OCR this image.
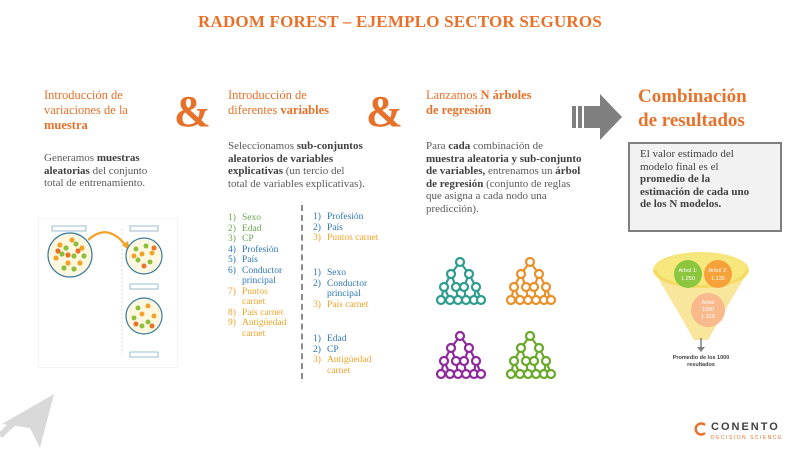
RADOM FOREST – EJEMPLO SECTOR SEGUROS
Introducción de
variaciones de la
muestra	&
Generamos muestras
aleatorias del conjunto
total de entrenamiento.
Introducción de
diferentes variables &
Seleccionamos sub-conjuntos
aleatorios de variables
explicativas (un tercio del
total de variables explicativas).
1) Sexo
2) Edad
3) CP
4) Profesión
5) País
6) Conductor
principal
7) Puntos
carnet
8) País carnet
9) Antigüedad
carnet
1) Profesión
2) País
3) Puntos carnet
1) Sexo
2) Conductor
principal
3) País carnet
1) Edad
2) CP
3) Antigüedad
carnet
Lanzamos N árboles
de regresión
Para cada combinación de
muestra aleatoria y sub-conjunto
de variables, entrenamos un árbol
de regresión (conjunto de reglas
que asigna a cada nodo una
predicción).
Combinación
de resultados
El valor estimado del
modelo final es el
promedio de la
estimación de cada uno
de los N modelos.
Arbol 1:
1.250
Arbol 2:
1.135
Arbol
1000
1.315
Promedio de los 1000
resultados
CONENTO
DECISION SCIENCE
